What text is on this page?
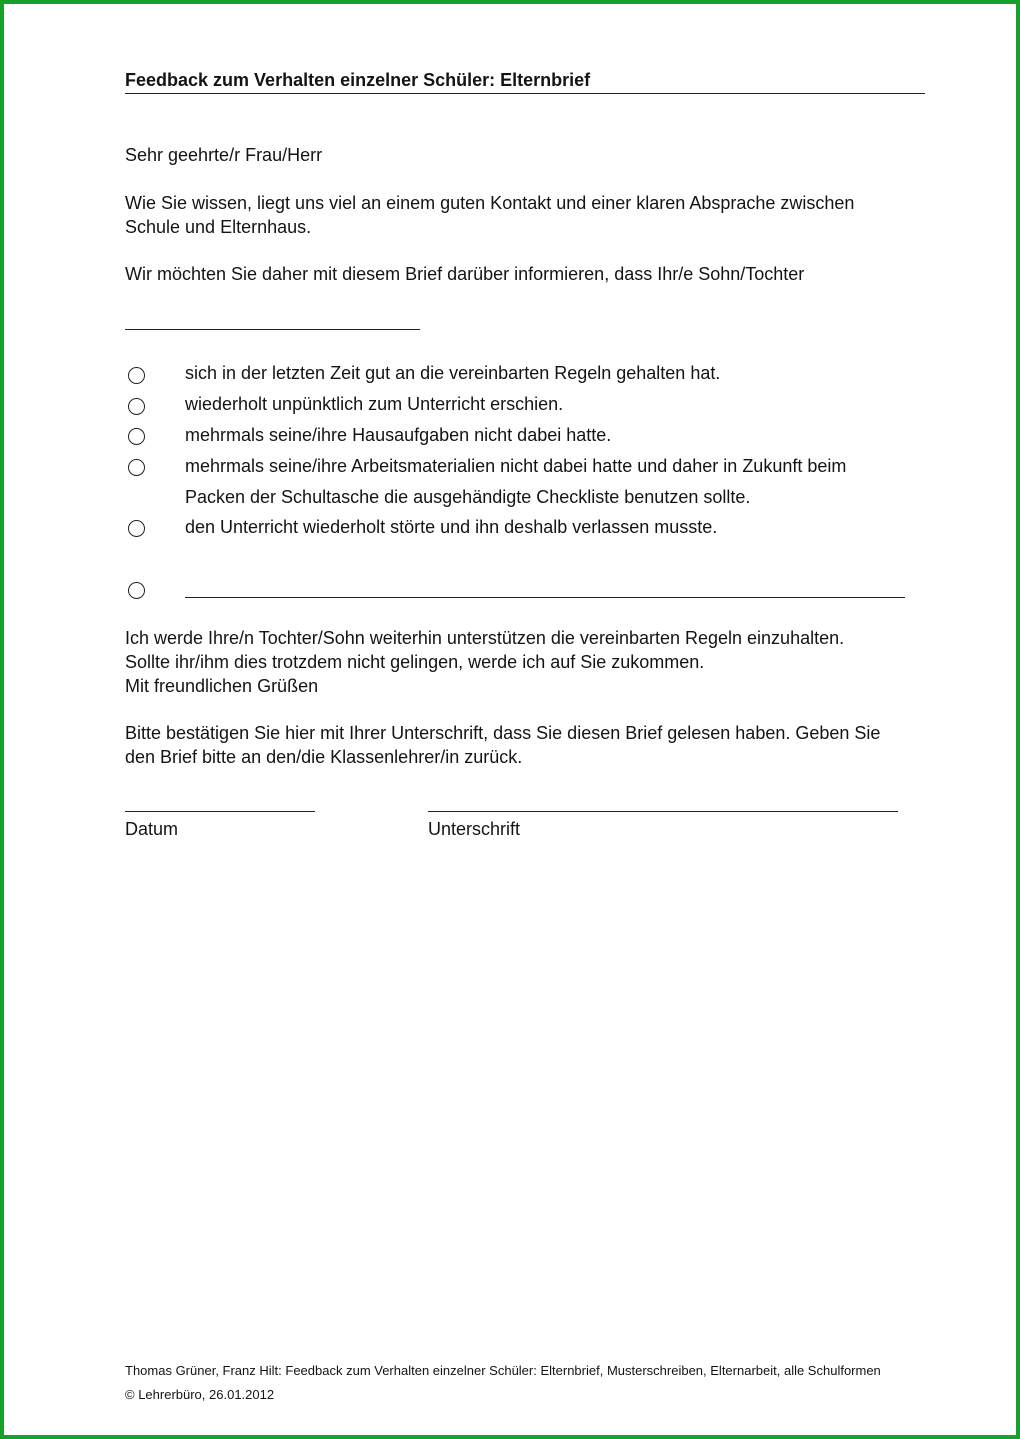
Feedback zum Verhalten einzelner Schüler: Elternbrief
Sehr geehrte/r Frau/Herr
Wie Sie wissen, liegt uns viel an einem guten Kontakt und einer klaren Absprache zwischen
Schule und Elternhaus.
Wir möchten Sie daher mit diesem Brief darüber informieren, dass Ihr/e Sohn/Tochter
sich in der letzten Zeit gut an die vereinbarten Regeln gehalten hat.
wiederholt unpünktlich zum Unterricht erschien.
mehrmals seine/ihre Hausaufgaben nicht dabei hatte.
mehrmals seine/ihre Arbeitsmaterialien nicht dabei hatte und daher in Zukunft beim
Packen der Schultasche die ausgehändigte Checkliste benutzen sollte.
den Unterricht wiederholt störte und ihn deshalb verlassen musste.
Ich werde Ihre/n Tochter/Sohn weiterhin unterstützen die vereinbarten Regeln einzuhalten.
Sollte ihr/ihm dies trotzdem nicht gelingen, werde ich auf Sie zukommen.
Mit freundlichen Grüßen
Bitte bestätigen Sie hier mit Ihrer Unterschrift, dass Sie diesen Brief gelesen haben. Geben Sie
den Brief bitte an den/die Klassenlehrer/in zurück.
Datum	Unterschrift
Thomas Grüner, Franz Hilt: Feedback zum Verhalten einzelner Schüler: Elternbrief, Musterschreiben, Elternarbeit, alle Schulformen
© Lehrerbüro, 26.01.2012
